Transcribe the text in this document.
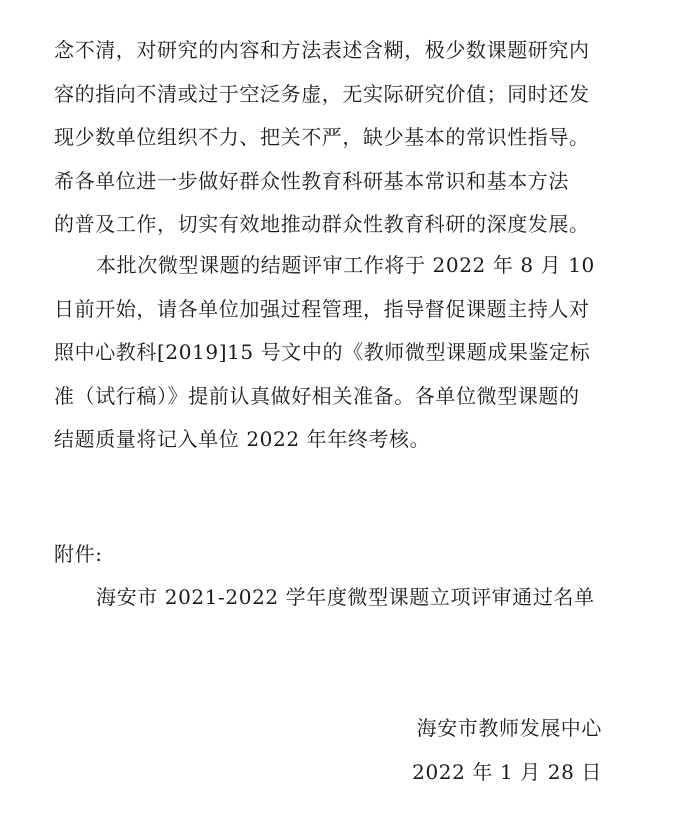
念不清，对研究的内容和方法表述含糊，极少数课题研究内
容的指向不清或过于空泛务虚，无实际研究价值；同时还发
现少数单位组织不力、把关不严，缺少基本的常识性指导。
希各单位进一步做好群众性教育科研基本常识和基本方法
的普及工作，切实有效地推动群众性教育科研的深度发展。
本批次微型课题的结题评审工作将于 2022 年 8 月 10
日前开始，请各单位加强过程管理，指导督促课题主持人对
照中心教科[2019]15 号文中的《教师微型课题成果鉴定标
准（试行稿）》提前认真做好相关准备。各单位微型课题的
结题质量将记入单位 2022 年年终考核。
附件:
海安市 2021-2022 学年度微型课题立项评审通过名单
海安市教师发展中心
2022 年 1 月 28 日
